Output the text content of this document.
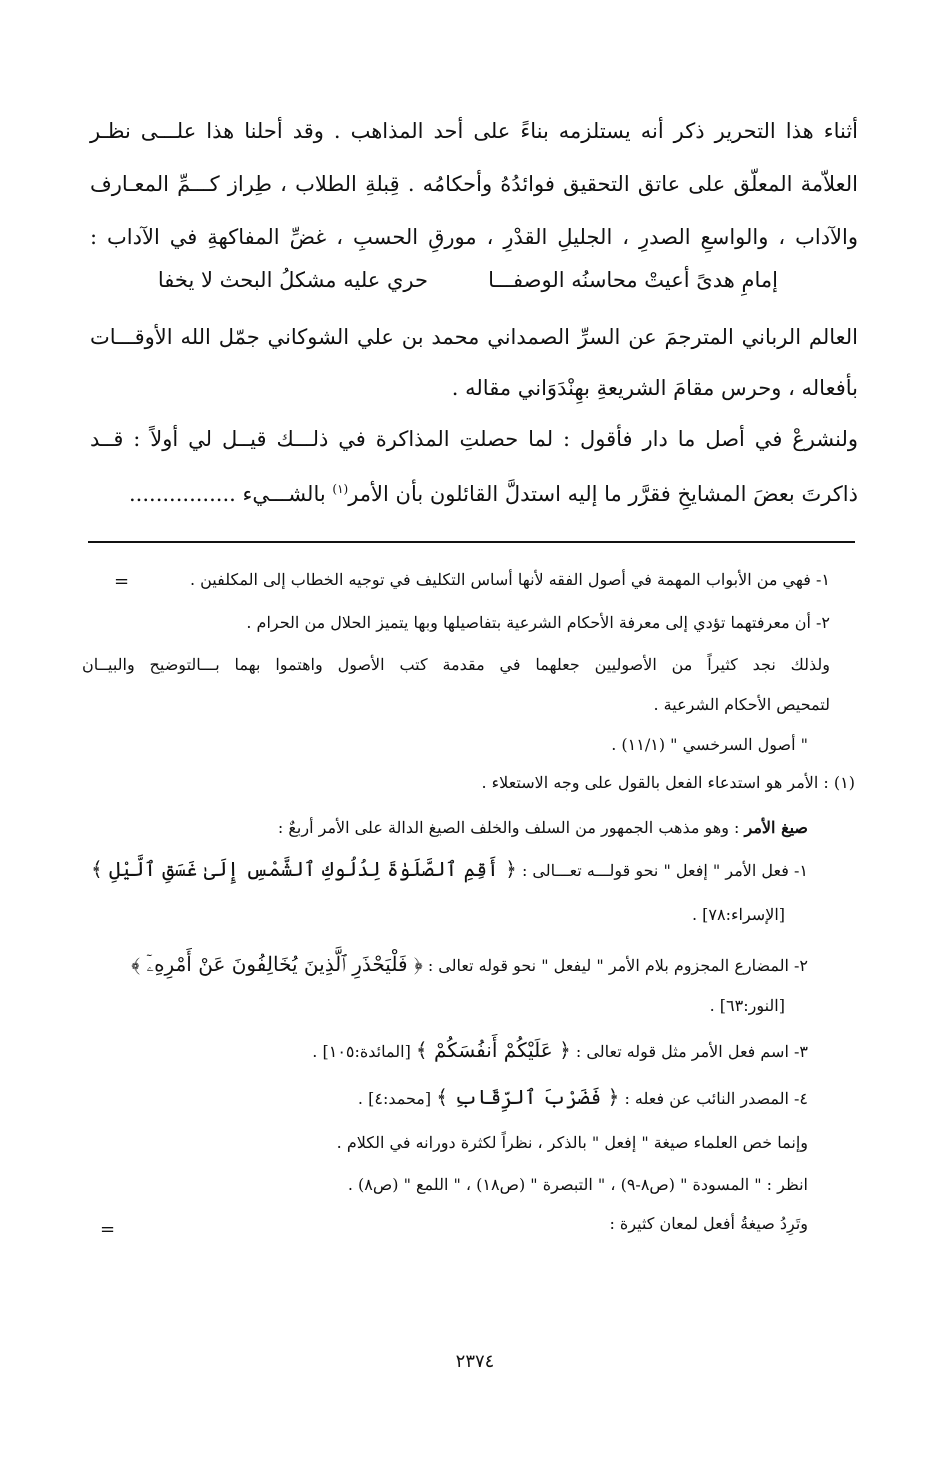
أثناء هذا التحرير ذكر أنه يستلزمه بناءً على أحد المذاهب . وقد أحلنا هذا علـــى نظـر
العلاّمة المعلّق على عاتق التحقيق فوائدُهُ وأحكامُه . قِبلةِ الطلاب ، طِراز كـــمِّ المعـارف
والآداب ، والواسعِ الصدرِ ، الجليلِ القدْرِ ، مورقِ الحسبِ ، غضِّ المفاكهةِ في الآداب :
إمامِ هدىً أعيتْ محاسنُه الوصفـــا
حري عليه مشكلُ البحث لا يخفا
العالم الرباني المترجمَ عن السرِّ الصمداني محمد بن علي الشوكاني جمّل الله الأوقـــات
بأفعاله ، وحرس مقامَ الشريعةِ بهِنْدَوَاني مقاله .
ولنشرعْ في أصل ما دار فأقول : لما حصلتِ المذاكرة في ذلـــك قيــل لي أولاً : قــد
ذاكرتَ بعضَ المشايخِ فقرَّر ما إليه استدلَّ القائلون بأن الأمر$^{(١)}$ بالشـــيء ................
=	١- فهي من الأبواب المهمة في أصول الفقه لأنها أساس التكليف في توجيه الخطاب إلى المكلفين .
٢- أن معرفتهما تؤدي إلى معرفة الأحكام الشرعية بتفاصيلها وبها يتميز الحلال من الحرام .
ولذلك نجد كثيراً من الأصوليين جعلهما في مقدمة كتب الأصول واهتموا بهما بـــالتوضيح والبيــان
لتمحيص الأحكام الشرعية .
" أصول السرخسي " (١١/١) .
(١) : الأمر هو استدعاء الفعل بالقول على وجه الاستعلاء .
صيغ الأمر : وهو مذهب الجمهور من السلف والخلف الصيغ الدالة على الأمر أربعٌ :
١- فعل الأمر " إفعل " نحو قولـــه تعـــالى : ﴿ أَقِمِ ٱلصَّلَوٰةَ لِدُلُوكِ ٱلشَّمْسِ إِلَىٰ غَسَقِ ٱلَّيْلِ ﴾
[الإسراء:٧٨] .
٢- المضارع المجزوم بلام الأمر " ليفعل " نحو قوله تعالى : ﴿ فَلْيَحْذَرِ ٱلَّذِينَ يُخَالِفُونَ عَنْ أَمْرِهِۦٓ ﴾
[النور:٦٣] .
٣- اسم فعل الأمر مثل قوله تعالى : ﴿ عَلَيْكُمْ أَنفُسَكُمْ ﴾ [المائدة:١٠٥] .
٤- المصدر النائب عن فعله : ﴿ فَضَرْبَ ٱلرِّقَابِ ﴾ [محمد:٤] .
وإنما خص العلماء صيغة " إفعل " بالذكر ، نظراً لكثرة دورانه في الكلام .
انظر : " المسودة " (ص٨-٩) ، " التبصرة " (ص١٨) ، " اللمع " (ص٨) .
وتَرِدُ صيغةُ أفعل لمعان كثيرة :
=
٢٣٧٤
